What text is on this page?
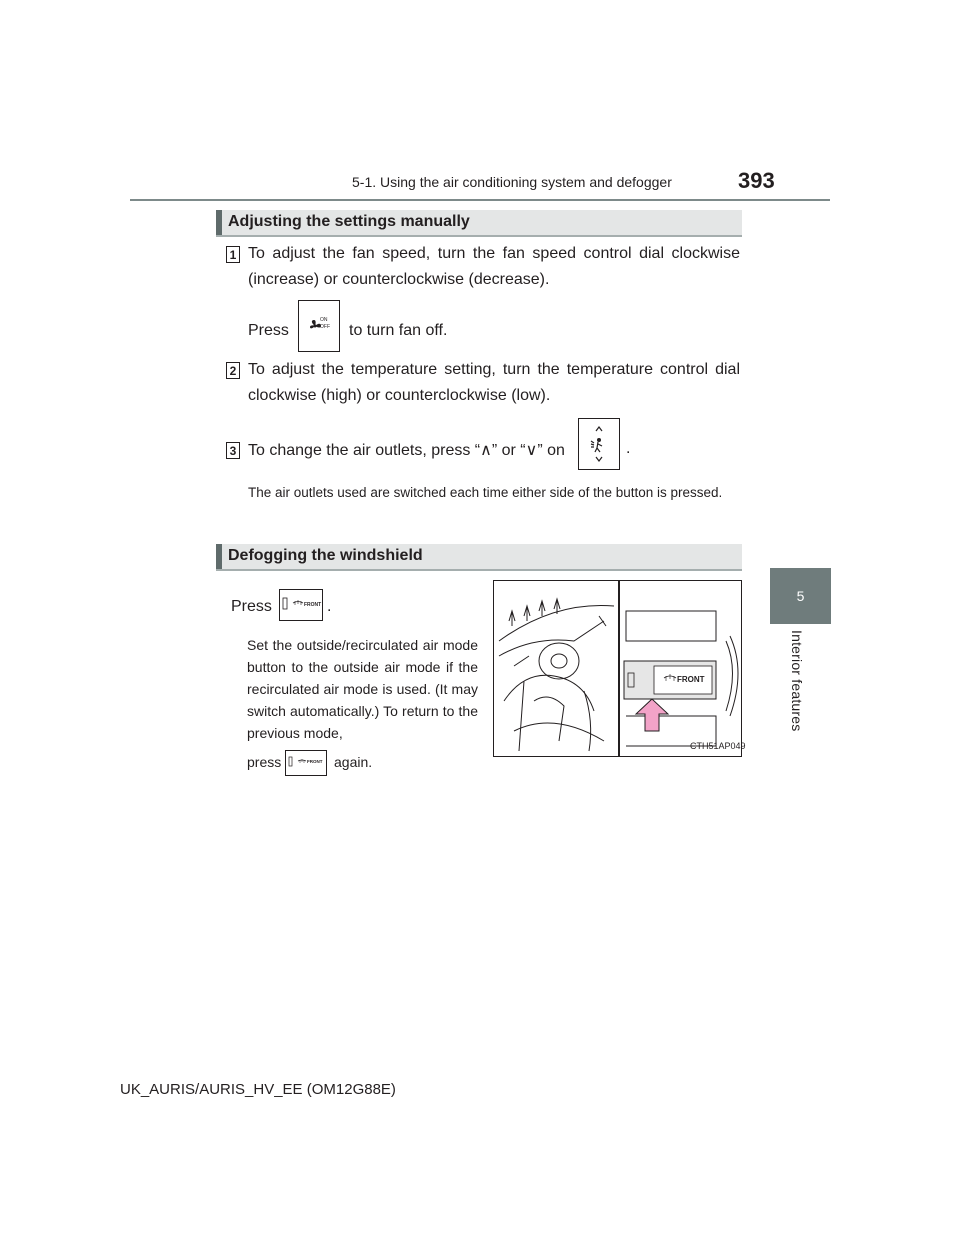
5-1. Using the air conditioning system and defogger	393
5
Interior features
Adjusting the settings manually
1 To adjust the fan speed, turn the fan speed control dial clockwise (increase) or counterclockwise (decrease).
Press
ON
OFF to turn fan off.
2 To adjust the temperature setting, turn the temperature control dial clockwise (high) or counterclockwise (low).
3 To change the air outlets, press “∧” or “∨” on	.
The air outlets used are switched each time either side of the button is pressed.
Defogging the windshield
Press	FRONT .
Set the outside/recirculated air mode button to the outside air mode if the recirculated air mode is used. (It may switch automatically.) To return to the previous mode,
press	FRONT again.
FRONT
CTH51AP049
UK_AURIS/AURIS_HV_EE (OM12G88E)
